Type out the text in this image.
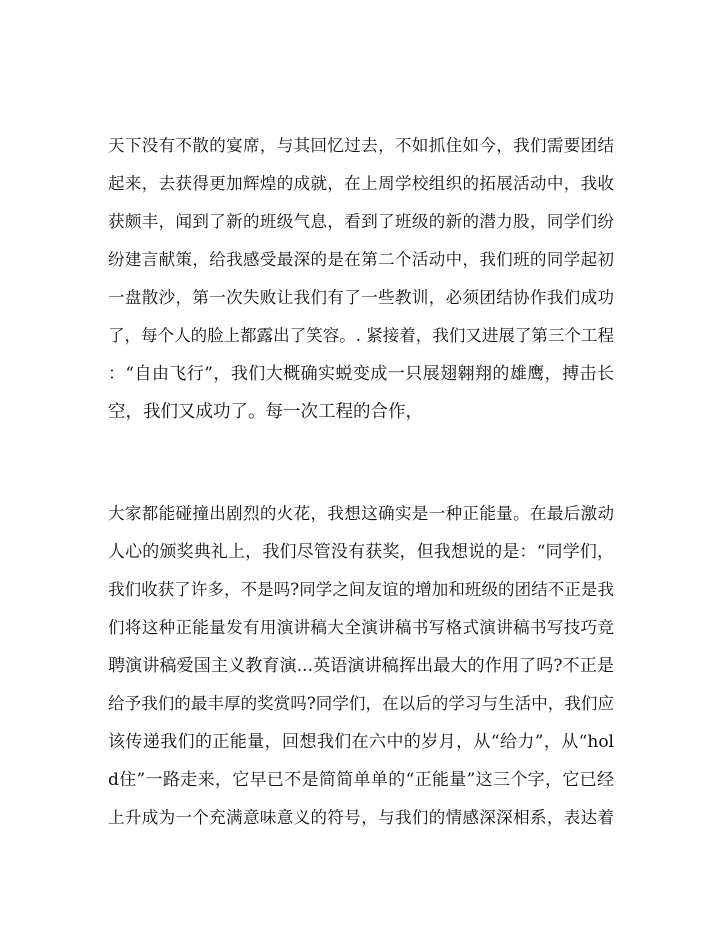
天下没有不散的宴席，与其回忆过去，不如抓住如今，我们需要团结
起来，去获得更加辉煌的成就，在上周学校组织的拓展活动中，我收
获颇丰，闻到了新的班级气息，看到了班级的新的潜力股，同学们纷
纷建言献策，给我感受最深的是在第二个活动中，我们班的同学起初
一盘散沙，第一次失败让我们有了一些教训，必须团结协作我们成功
了，每个人的脸上都露出了笑容。. 紧接着，我们又进展了第三个工程
：“自由飞行”，我们大概确实蜕变成一只展翅翱翔的雄鹰，搏击长
空，我们又成功了。每一次工程的合作，
大家都能碰撞出剧烈的火花，我想这确实是一种正能量。在最后激动
人心的颁奖典礼上，我们尽管没有获奖，但我想说的是：“同学们，
我们收获了许多，不是吗?同学之间友谊的增加和班级的团结不正是我
们将这种正能量发有用演讲稿大全演讲稿书写格式演讲稿书写技巧竞
聘演讲稿爱国主义教育演...英语演讲稿挥出最大的作用了吗?不正是
给予我们的最丰厚的奖赏吗?同学们，在以后的学习与生活中，我们应
该传递我们的正能量，回想我们在六中的岁月，从“给力”，从“hol
d住”一路走来，它早已不是简简单单的“正能量”这三个字，它已经
上升成为一个充满意味意义的符号，与我们的情感深深相系，表达着
